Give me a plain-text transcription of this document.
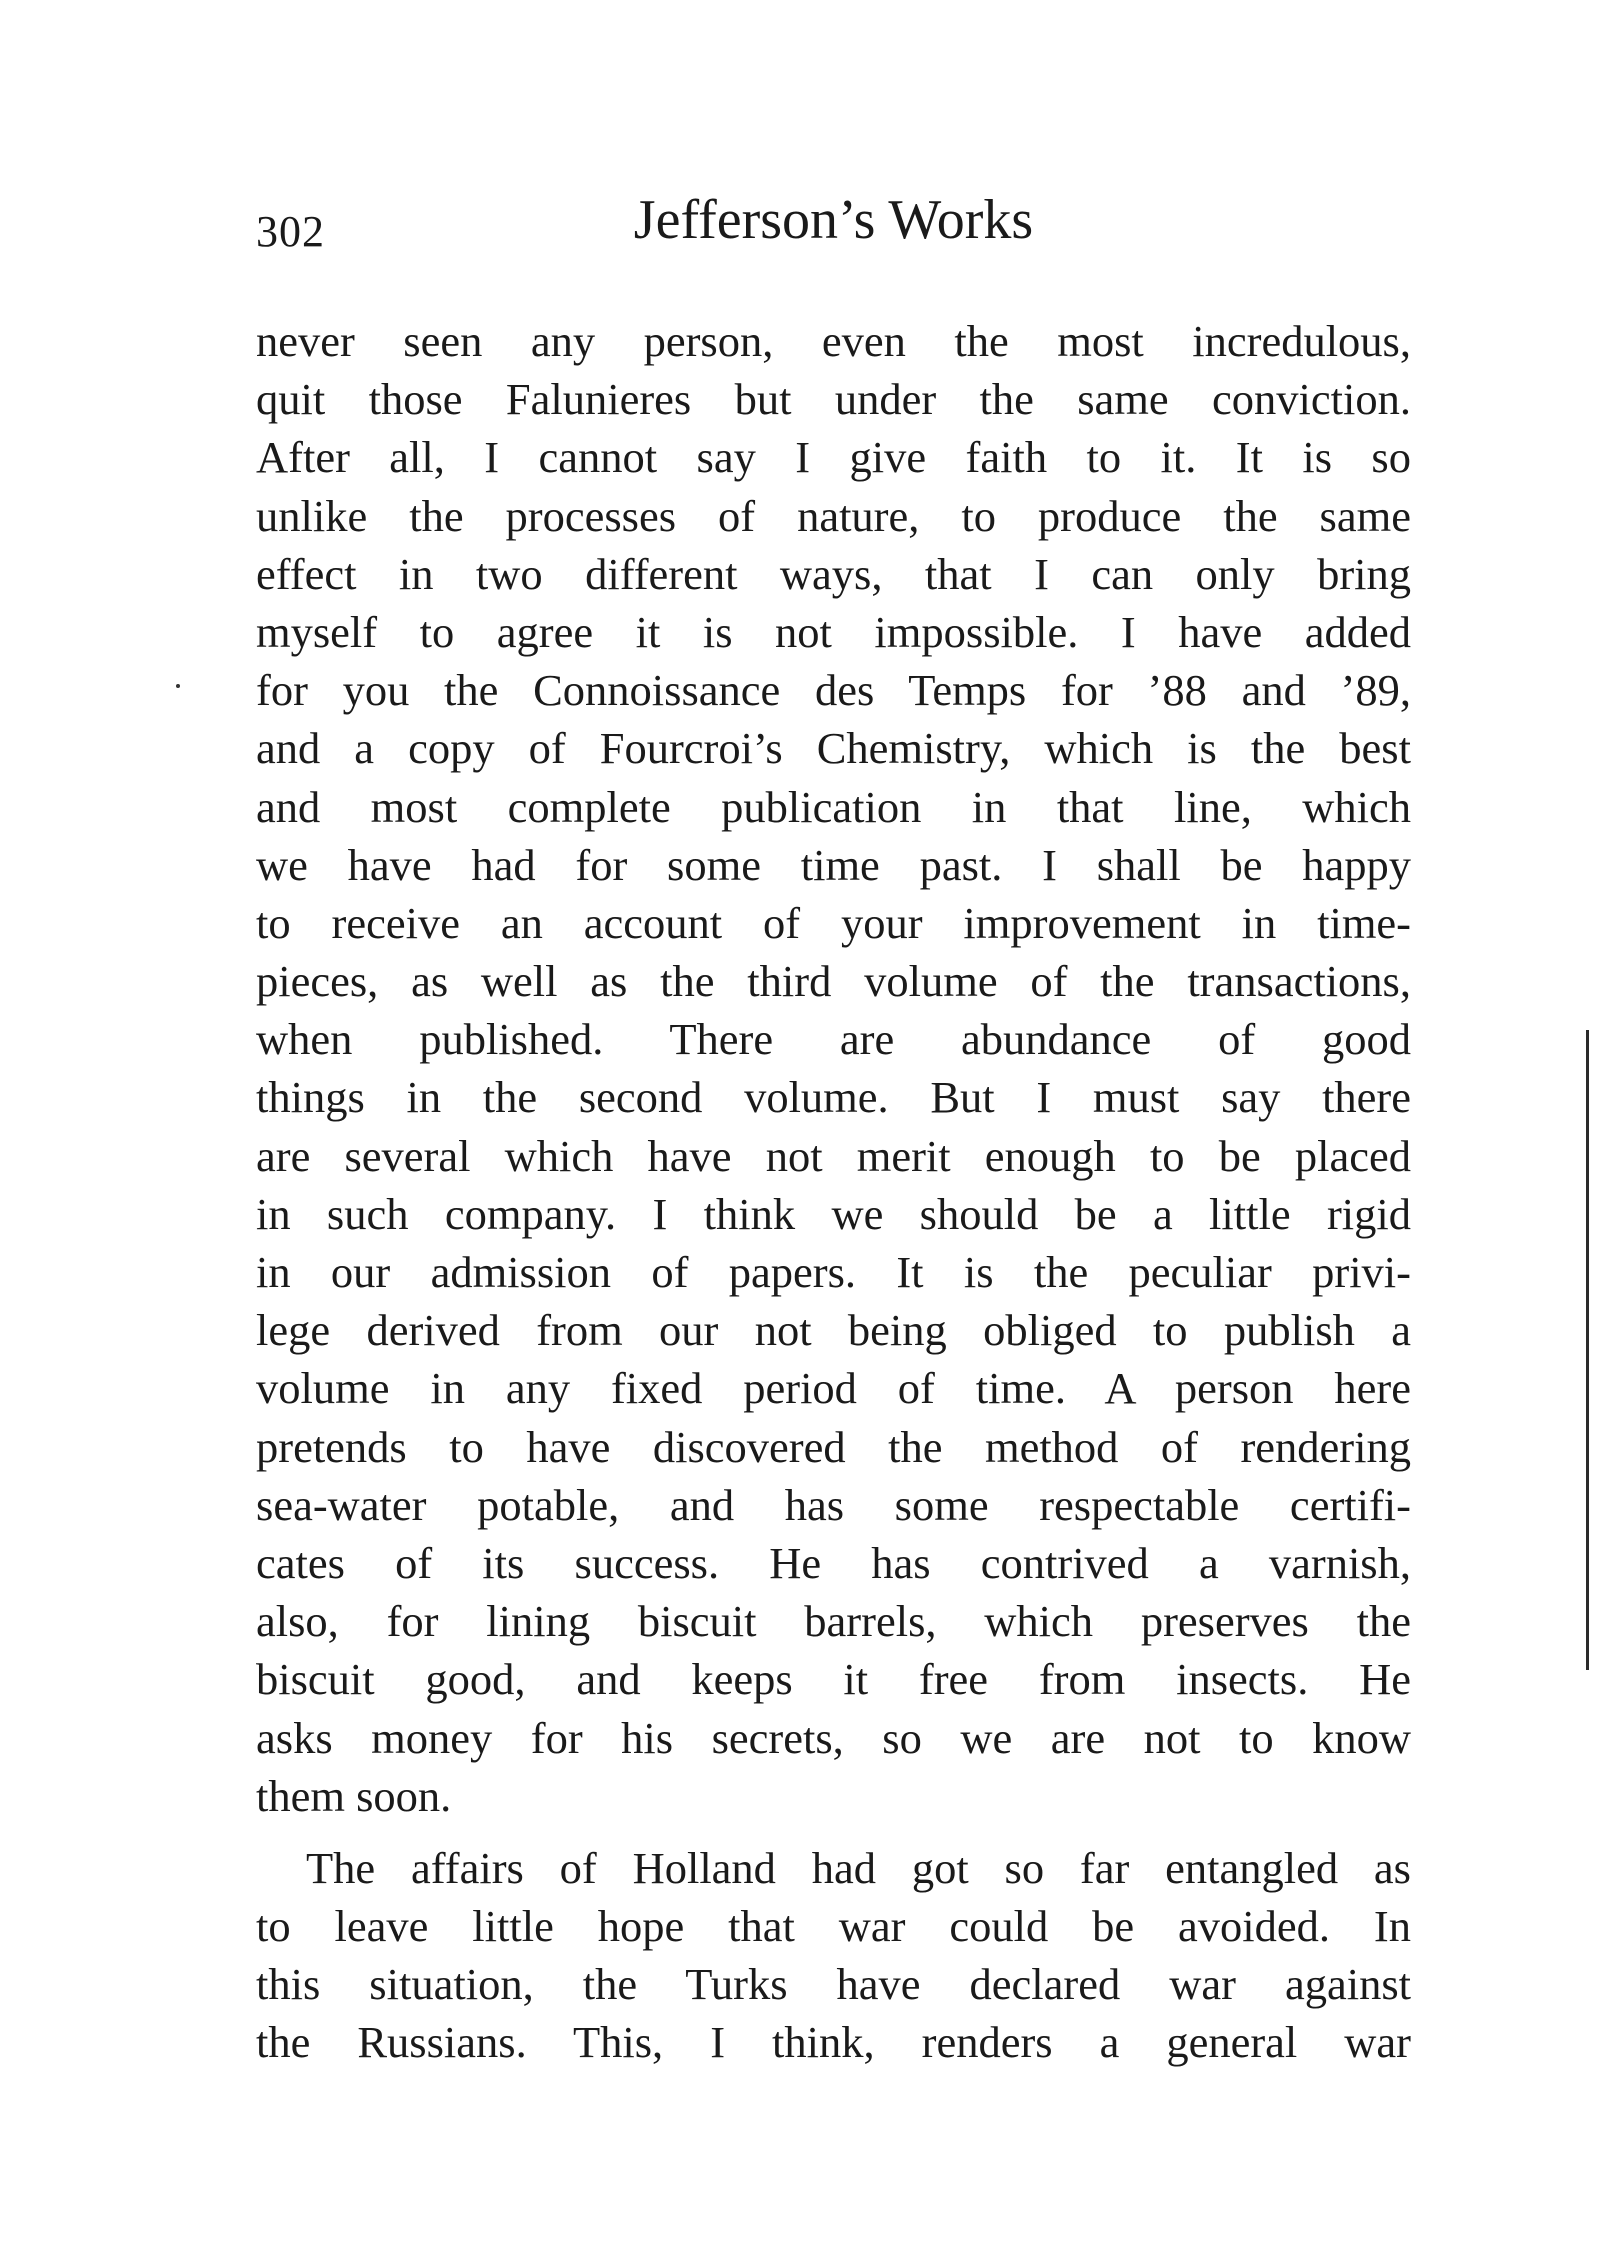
302	Jefferson’s Works
never seen any person, even the most incredulous,
quit those Falunieres but under the same conviction.
After all, I cannot say I give faith to it. It is so
unlike the processes of nature, to produce the same
effect in two different ways, that I can only bring
myself to agree it is not impossible. I have added
for you the Connoissance des Temps for ’88 and ’89,
and a copy of Fourcroi’s Chemistry, which is the best
and most complete publication in that line, which
we have had for some time past. I shall be happy
to receive an account of your improvement in time-
pieces, as well as the third volume of the transactions,
when published. There are abundance of good
things in the second volume. But I must say there
are several which have not merit enough to be placed
in such company. I think we should be a little rigid
in our admission of papers. It is the peculiar privi-
lege derived from our not being obliged to publish a
volume in any fixed period of time. A person here
pretends to have discovered the method of rendering
sea-water potable, and has some respectable certifi-
cates of its success. He has contrived a varnish,
also, for lining biscuit barrels, which preserves the
biscuit good, and keeps it free from insects. He
asks money for his secrets, so we are not to know
them soon.
The affairs of Holland had got so far entangled as
to leave little hope that war could be avoided. In
this situation, the Turks have declared war against
the Russians. This, I think, renders a general war
